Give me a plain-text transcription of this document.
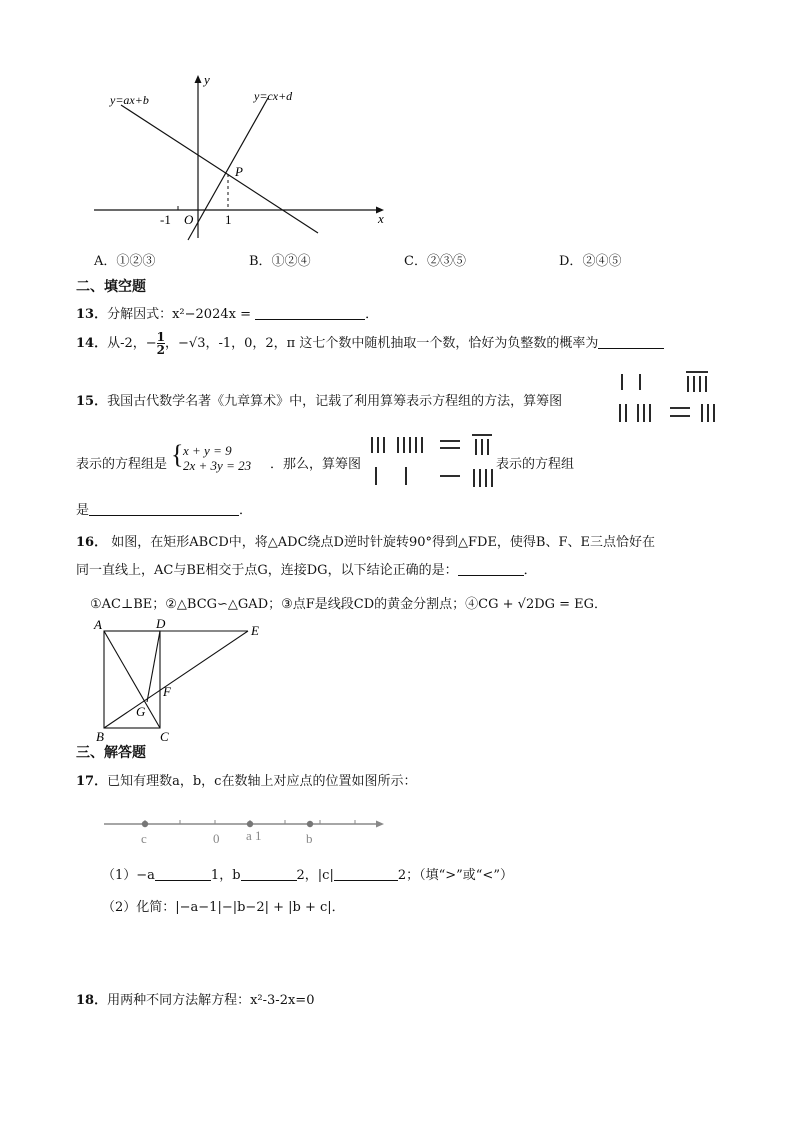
y=ax+b	y=cx+d
y
x
O
-1	1
P
A．①②③	B．①②④	C．②③⑤	D．②④⑤
二、填空题
13．分解因式：x²−2024x =	．
14．从-2，− $\frac{1}{2}$ ，−√3，-1，0，2，π 这七个数中随机抽取一个数，恰好为负整数的概率为
15．我国古代数学名著《九章算术》中，记载了利用算筹表示方程组的方法，算筹图
表示的方程组是 { x + y = 9
2x + 3y = 23 ．那么，算筹图	表示的方程组
是	．
16． 如图，在矩形ABCD中，将△ADC绕点D逆时针旋转90°得到△FDE，使得B、F、E三点恰好在
同一直线上，AC与BE相交于点G，连接DG，以下结论正确的是：	．
①AC⊥BE；②△BCG∽△GAD；③点F是线段CD的黄金分割点；④CG + √2DG = EG．
A	D	E
F
G
B	C
三、解答题
17．已知有理数a，b，c在数轴上对应点的位置如图所示：
c	0 a 1	b
（1）−a	1，b	2，|c|	2；（填“>”或“<”）
（2）化简：|−a−1|−|b−2| + |b + c|．
18．用两种不同方法解方程：x²-3-2x=0
